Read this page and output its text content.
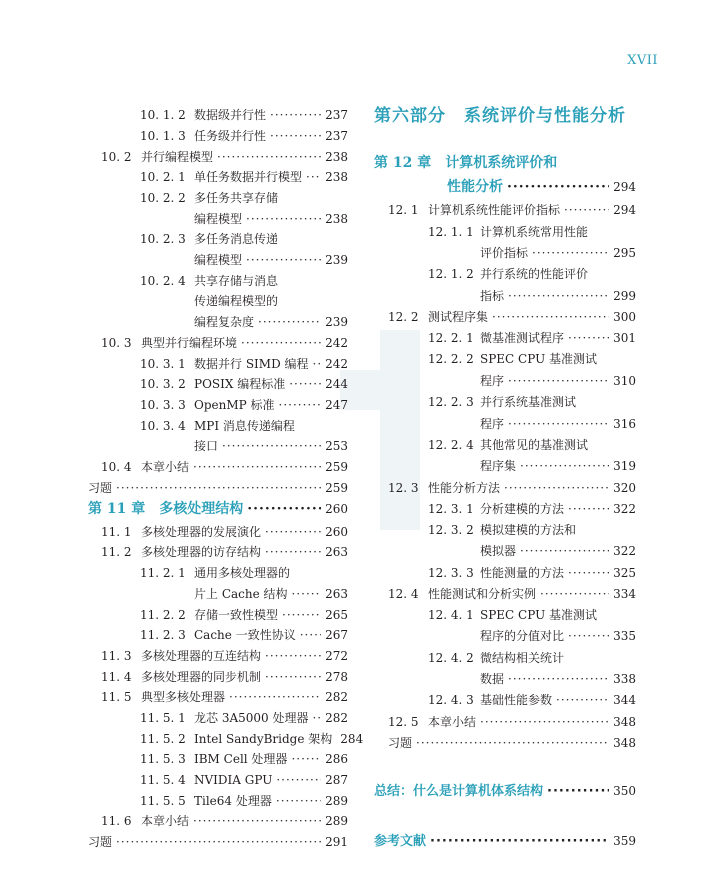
XVII
10. 1. 2 数据级并行性 ·····	237
10. 1. 3 任务级并行性 ·····	237
10. 2 并行编程模型 ·····	238
10. 2. 1 单任务数据并行模型 ····· 238
10. 2. 2 多任务共享存储
编程模型 ·····	238
10. 2. 3 多任务消息传递
编程模型 ·····	239
10. 2. 4 共享存储与消息
传递编程模型的
编程复杂度 ·····	239
10. 3 典型并行编程环境 ·····	242
10. 3. 1 数据并行 SIMD 编程 ····· 242
10. 3. 2 POSIX 编程标准 ·····	244
10. 3. 3 OpenMP 标准 ·····	247
10. 3. 4 MPI 消息传递编程
接口 ·····	253
10. 4 本章小结 ·····	259
习题 ·····	259
第 11 章　多核处理结构 ·····	260
11. 1 多核处理器的发展演化 ·····	260
11. 2 多核处理器的访存结构 ·····	263
11. 2. 1 通用多核处理器的
片上 Cache 结构 ·····	263
11. 2. 2 存储一致性模型 ·····	265
11. 2. 3 Cache 一致性协议 ····· 267
11. 3 多核处理器的互连结构 ·····	272
11. 4 多核处理器的同步机制 ·····	278
11. 5 典型多核处理器 ·····	282
11. 5. 1 龙芯 3A5000 处理器 ····· 282
11. 5. 2 Intel SandyBridge 架构 284
11. 5. 3 IBM Cell 处理器 ·····	286
11. 5. 4 NVIDIA GPU ·····	287
11. 5. 5 Tile64 处理器 ·····	289
11. 6 本章小结 ·····	289
习题 ·····	291
第六部分　系统评价与性能分析
第 12 章　计算机系统评价和
性能分析 ·····	294
12. 1 计算机系统性能评价指标 ·····	294
12. 1. 1 计算机系统常用性能
评价指标 ·····	295
12. 1. 2 并行系统的性能评价
指标 ·····	299
12. 2 测试程序集 ·····	300
12. 2. 1 微基准测试程序 ·····	301
12. 2. 2 SPEC CPU 基准测试
程序 ·····	310
12. 2. 3 并行系统基准测试
程序 ·····	316
12. 2. 4 其他常见的基准测试
程序集 ·····	319
12. 3 性能分析方法 ·····	320
12. 3. 1 分析建模的方法 ·····	322
12. 3. 2 模拟建模的方法和
模拟器 ·····	322
12. 3. 3 性能测量的方法 ·····	325
12. 4 性能测试和分析实例 ·····	334
12. 4. 1 SPEC CPU 基准测试
程序的分值对比 ·····	335
12. 4. 2 微结构相关统计
数据 ·····	338
12. 4. 3 基础性能参数 ·····	344
12. 5 本章小结 ·····	348
习题 ·····	348
总结：什么是计算机体系结构 ·····	350
参考文献 ·····	359
